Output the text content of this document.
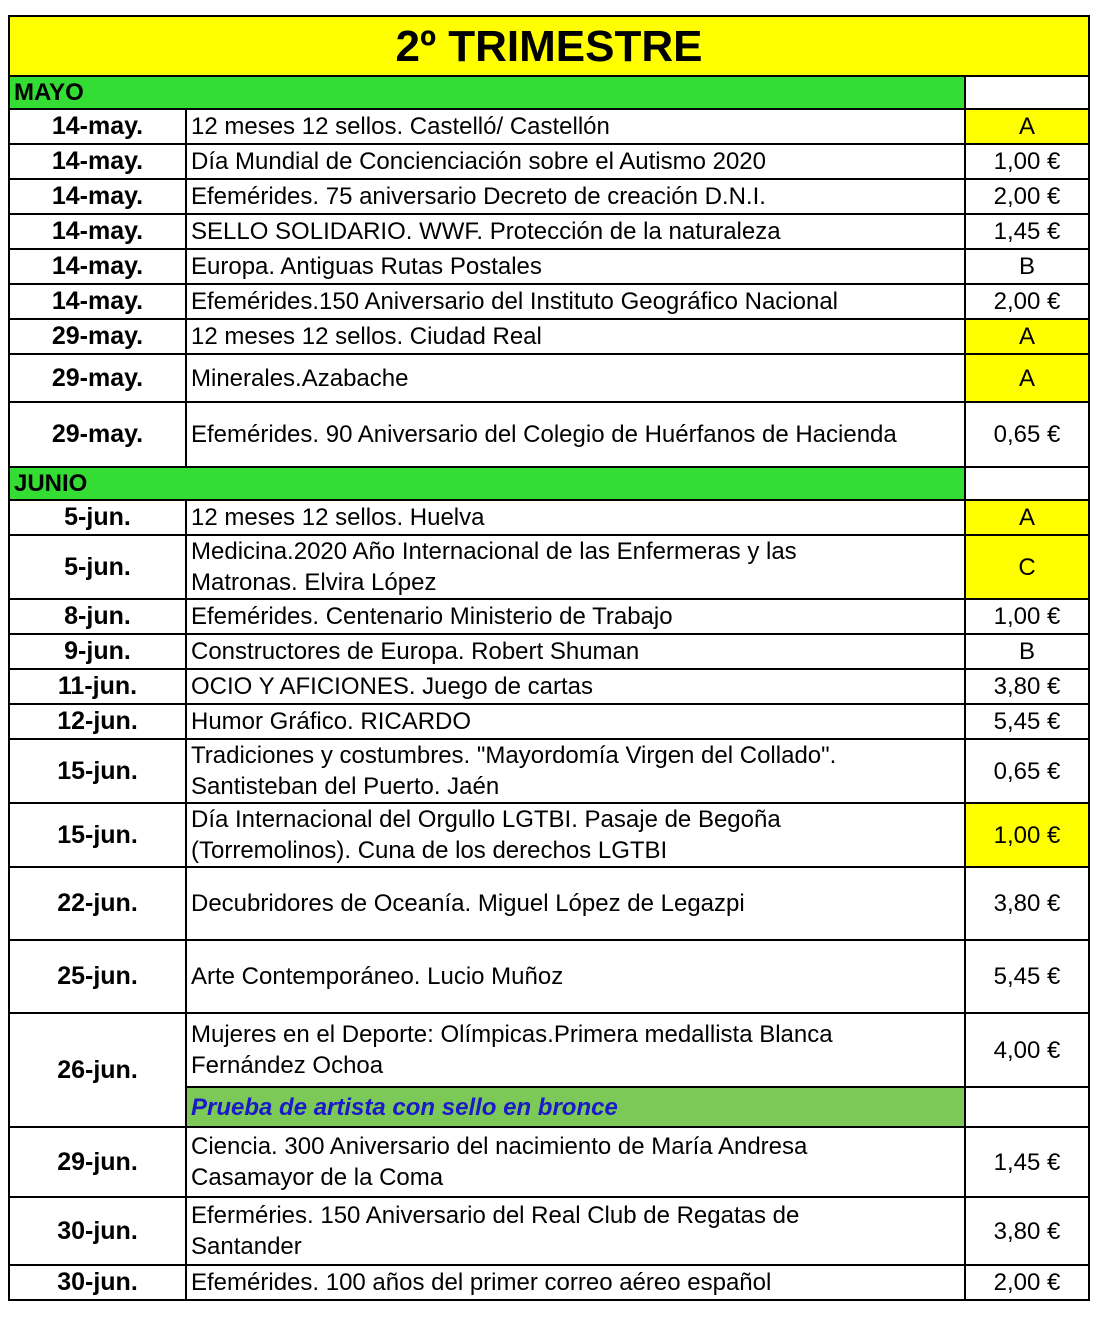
2º TRIMESTRE		
MAYO		
14-may.	12 meses 12 sellos. Castelló/ Castellón	A
14-may.	Día Mundial de Concienciación sobre el Autismo 2020	1,00 €
14-may.	Efemérides. 75 aniversario Decreto de creación D.N.I.	2,00 €
14-may.	SELLO SOLIDARIO. WWF. Protección de la naturaleza	1,45 €
14-may.	Europa. Antiguas Rutas Postales	B
14-may.	Efemérides.150 Aniversario del Instituto Geográfico Nacional	2,00 €
29-may.	12 meses 12 sellos. Ciudad Real	A
29-may.	Minerales.Azabache	A
29-may.	Efemérides. 90 Aniversario del Colegio de Huérfanos de Hacienda	0,65 €
JUNIO		
5-jun.	12 meses 12 sellos. Huelva	A
5-jun.	Medicina.2020 Año Internacional de las Enfermeras y las
Matronas. Elvira López	C
8-jun.	Efemérides. Centenario Ministerio de Trabajo	1,00 €
9-jun.	Constructores de Europa. Robert Shuman	B
11-jun.	OCIO Y AFICIONES. Juego de cartas	3,80 €
12-jun.	Humor Gráfico. RICARDO	5,45 €
15-jun.	Tradiciones y costumbres. "Mayordomía Virgen del Collado".
Santisteban del Puerto. Jaén	0,65 €
15-jun.	Día Internacional del Orgullo LGTBI. Pasaje de Begoña
(Torremolinos). Cuna de los derechos LGTBI	1,00 €
22-jun.	Decubridores de Oceanía. Miguel López de Legazpi	3,80 €
25-jun.	Arte Contemporáneo. Lucio Muñoz	5,45 €
26-jun.	Mujeres en el Deporte: Olímpicas.Primera medallista Blanca
Fernández Ochoa	4,00 €
	Prueba de artista con sello en bronce	
29-jun.	Ciencia. 300 Aniversario del nacimiento de María Andresa
Casamayor de la Coma	1,45 €
30-jun.	Eferméries. 150 Aniversario del Real Club de Regatas de
Santander	3,80 €
30-jun.	Efemérides. 100 años del primer correo aéreo español	2,00 €
